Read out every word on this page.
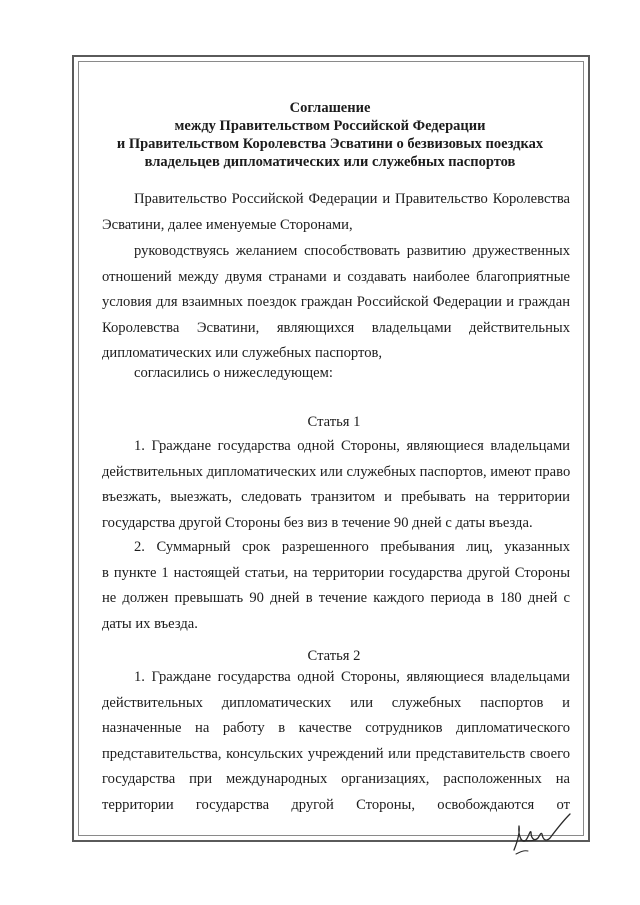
Соглашение
между Правительством Российской Федерации
и Правительством Королевства Эсватини о безвизовых поездках
владельцев дипломатических или служебных паспортов
Правительство Российской Федерации и Правительство Королевства
Эсватини, далее именуемые Сторонами,
руководствуясь желанием способствовать развитию дружественных
отношений между двумя странами и создавать наиболее благоприятные
условия для взаимных поездок граждан Российской Федерации и граждан
Королевства Эсватини, являющихся владельцами действительных
дипломатических или служебных паспортов,
согласились о нижеследующем:
Статья 1
1. Граждане государства одной Стороны, являющиеся владельцами
действительных дипломатических или служебных паспортов, имеют право
въезжать, выезжать, следовать транзитом и пребывать на территории
государства другой Стороны без виз в течение 90 дней с даты въезда.
2. Суммарный срок разрешенного пребывания лиц, указанных
в пункте 1 настоящей статьи, на территории государства другой Стороны
не должен превышать 90 дней в течение каждого периода в 180 дней с
даты их въезда.
Статья 2
1. Граждане государства одной Стороны, являющиеся владельцами
действительных дипломатических или служебных паспортов и
назначенные на работу в качестве сотрудников дипломатического
представительства, консульских учреждений или представительств своего
государства при международных организациях, расположенных на
территории государства другой Стороны, освобождаются от
